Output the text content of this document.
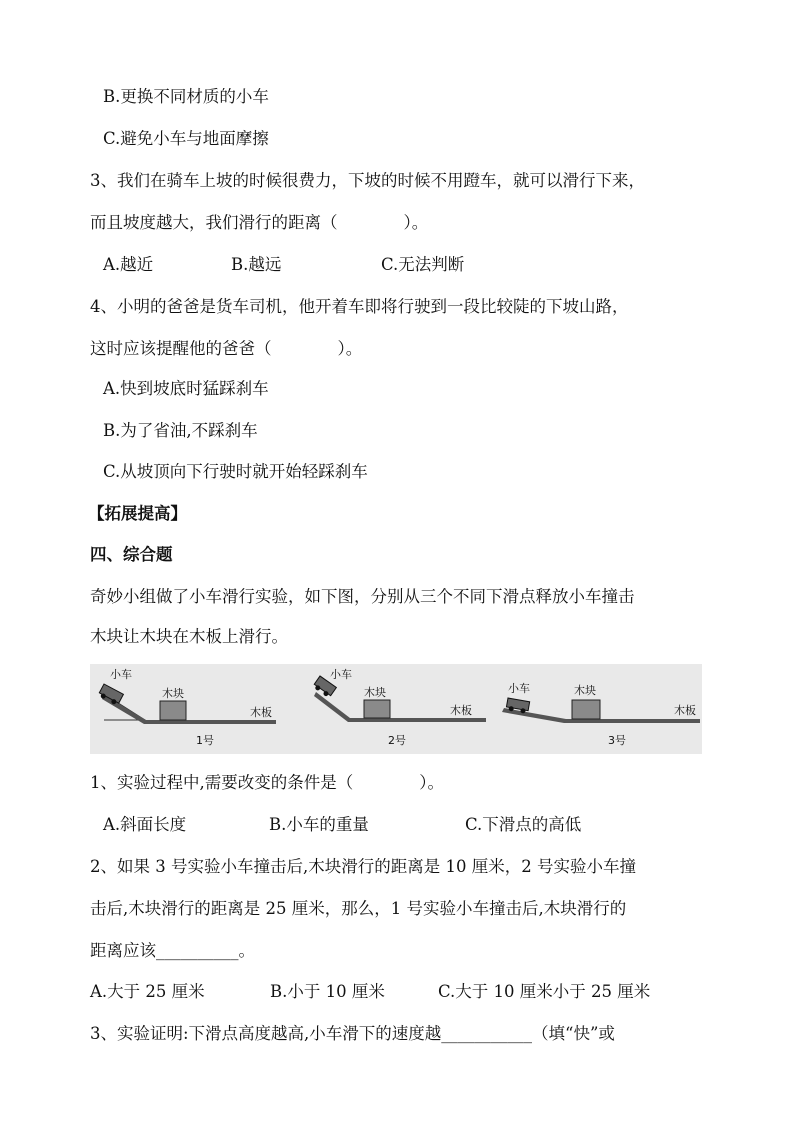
B.更换不同材质的小车
C.避免小车与地面摩擦
3、我们在骑车上坡的时候很费力，下坡的时候不用蹬车，就可以滑行下来，
而且坡度越大，我们滑行的距离（　　　　）。
A.越近	B.越远	C.无法判断
4、小明的爸爸是货车司机，他开着车即将行驶到一段比较陡的下坡山路，
这时应该提醒他的爸爸（　　　　）。
A.快到坡底时猛踩刹车
B.为了省油,不踩刹车
C.从坡顶向下行驶时就开始轻踩刹车
【拓展提高】
四、综合题
奇妙小组做了小车滑行实验，如下图，分别从三个不同下滑点释放小车撞击
木块让木块在木板上滑行。
小车
木块
木板
1号
小车
木块
木板
2号
小车	木块
木板
3号
1、实验过程中,需要改变的条件是（　　　　）。
A.斜面长度	B.小车的重量	C.下滑点的高低
2、如果 3 号实验小车撞击后,木块滑行的距离是 10 厘米，2 号实验小车撞
击后,木块滑行的距离是 25 厘米，那么，1 号实验小车撞击后,木块滑行的
距离应该__________。
A.大于 25 厘米	B.小于 10 厘米	C.大于 10 厘米小于 25 厘米
3、实验证明:下滑点高度越高,小车滑下的速度越___________（填“快”或
